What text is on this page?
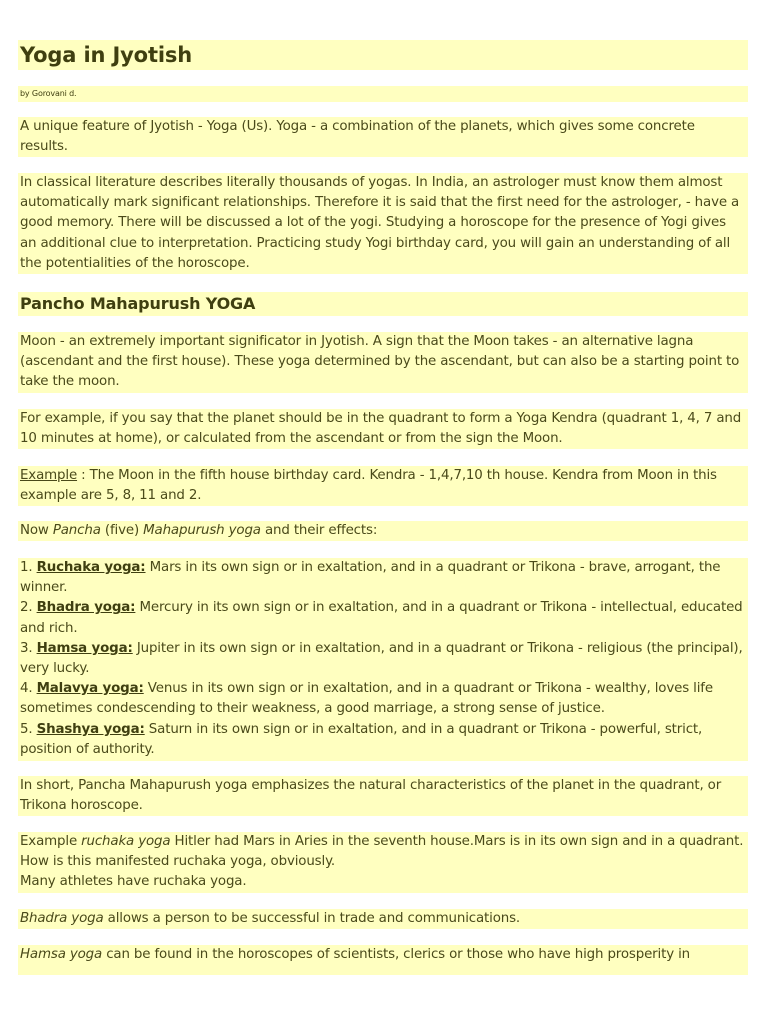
Yoga in Jyotish
by Gorovani d.
A unique feature of Jyotish - Yoga (Us). Yoga - a combination of the planets, which gives some concrete results.
In classical literature describes literally thousands of yogas. In India, an astrologer must know them almost automatically mark significant relationships. Therefore it is said that the first need for the astrologer, - have a good memory. There will be discussed a lot of the yogi. Studying a horoscope for the presence of Yogi gives an additional clue to interpretation. Practicing study Yogi birthday card, you will gain an understanding of all the potentialities of the horoscope.
Pancho Mahapurush YOGA
Moon - an extremely important significator in Jyotish. A sign that the Moon takes - an alternative lagna (ascendant and the first house). These yoga determined by the ascendant, but can also be a starting point to take the moon.
For example, if you say that the planet should be in the quadrant to form a Yoga Kendra (quadrant 1, 4, 7 and 10 minutes at home), or calculated from the ascendant or from the sign the Moon.
Example : The Moon in the fifth house birthday card. Kendra - 1,4,7,10 th house. Kendra from Moon in this example are 5, 8, 11 and 2.
Now Pancha (five) Mahapurush yoga and their effects:
1. Ruchaka yoga: Mars in its own sign or in exaltation, and in a quadrant or Trikona - brave, arrogant, the winner.
2. Bhadra yoga: Mercury in its own sign or in exaltation, and in a quadrant or Trikona - intellectual, educated and rich.
3. Hamsa yoga: Jupiter in its own sign or in exaltation, and in a quadrant or Trikona - religious (the principal), very lucky.
4. Malavya yoga: Venus in its own sign or in exaltation, and in a quadrant or Trikona - wealthy, loves life sometimes condescending to their weakness, a good marriage, a strong sense of justice.
5. Shashya yoga: Saturn in its own sign or in exaltation, and in a quadrant or Trikona - powerful, strict, position of authority.
In short, Pancha Mahapurush yoga emphasizes the natural characteristics of the planet in the quadrant, or Trikona horoscope.
Example ruchaka yoga Hitler had Mars in Aries in the seventh house.Mars is in its own sign and in a quadrant. How is this manifested ruchaka yoga, obviously.
Many athletes have ruchaka yoga.
Bhadra yoga allows a person to be successful in trade and communications.
Hamsa yoga can be found in the horoscopes of scientists, clerics or those who have high prosperity in
